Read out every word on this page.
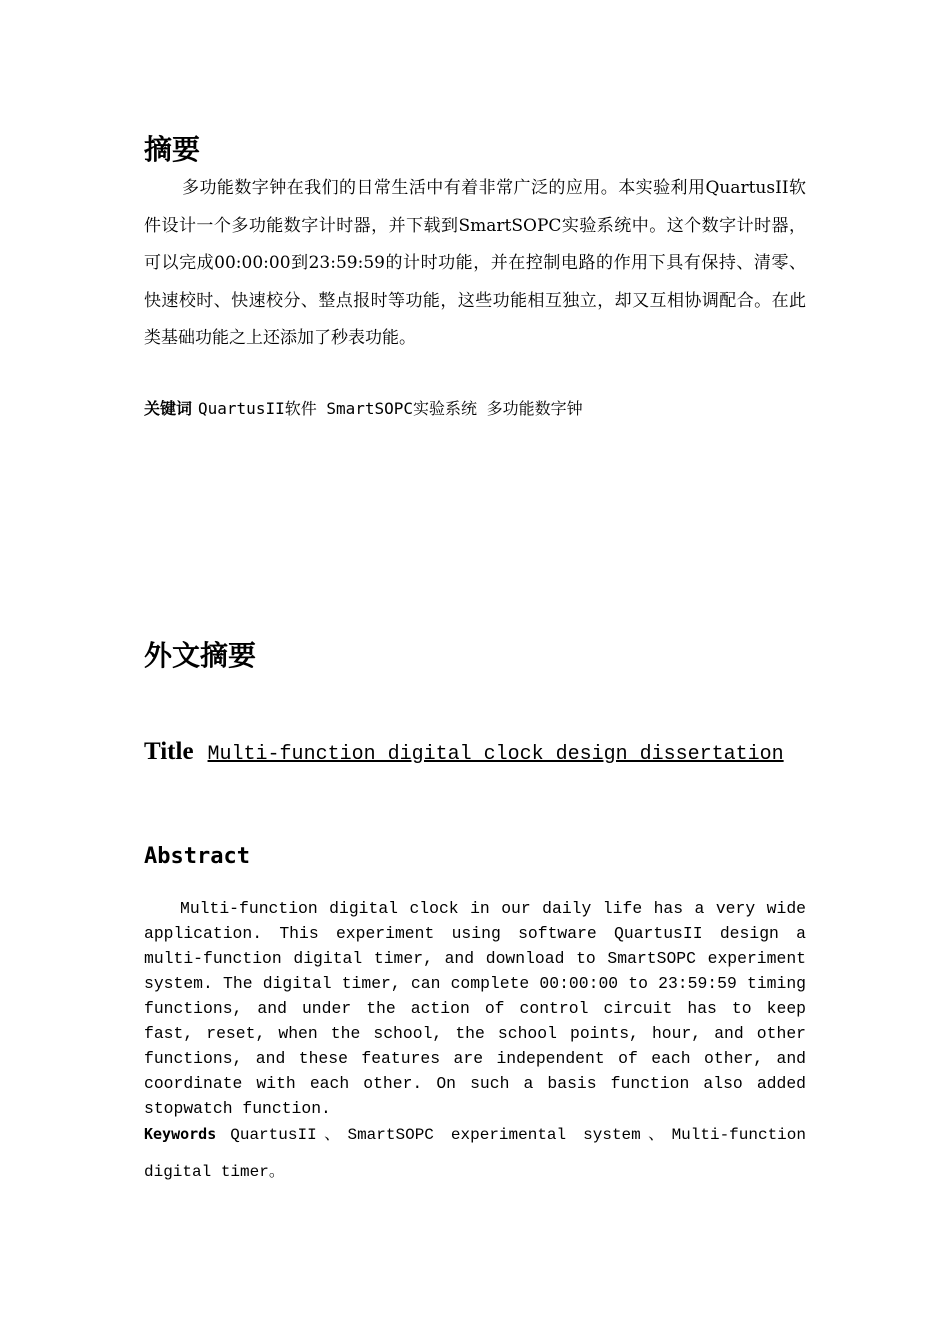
摘要

多功能数字钟在我们的日常生活中有着非常广泛的应用。本实验利用QuartusII软件设计一个多功能数字计时器，并下载到SmartSOPC实验系统中。这个数字计时器，可以完成00:00:00到23:59:59的计时功能，并在控制电路的作用下具有保持、清零、快速校时、快速校分、整点报时等功能，这些功能相互独立，却又互相协调配合。在此类基础功能之上还添加了秒表功能。

关键词 QuartusII软件 SmartSOPC实验系统 多功能数字钟

外文摘要

Title Multi-function digital clock design dissertation

Abstract

Multi-function digital clock in our daily life has a very wide application. This experiment using software QuartusII design a multi-function digital timer, and download to SmartSOPC experiment system. The digital timer, can complete 00:00:00 to 23:59:59 timing functions, and under the action of control circuit has to keep fast, reset, when the school, the school points, hour, and other functions, and these features are independent of each other, and coordinate with each other. On such a basis function also added stopwatch function.

Keywords QuartusII、SmartSOPC experimental system、Multi-function digital timer。
